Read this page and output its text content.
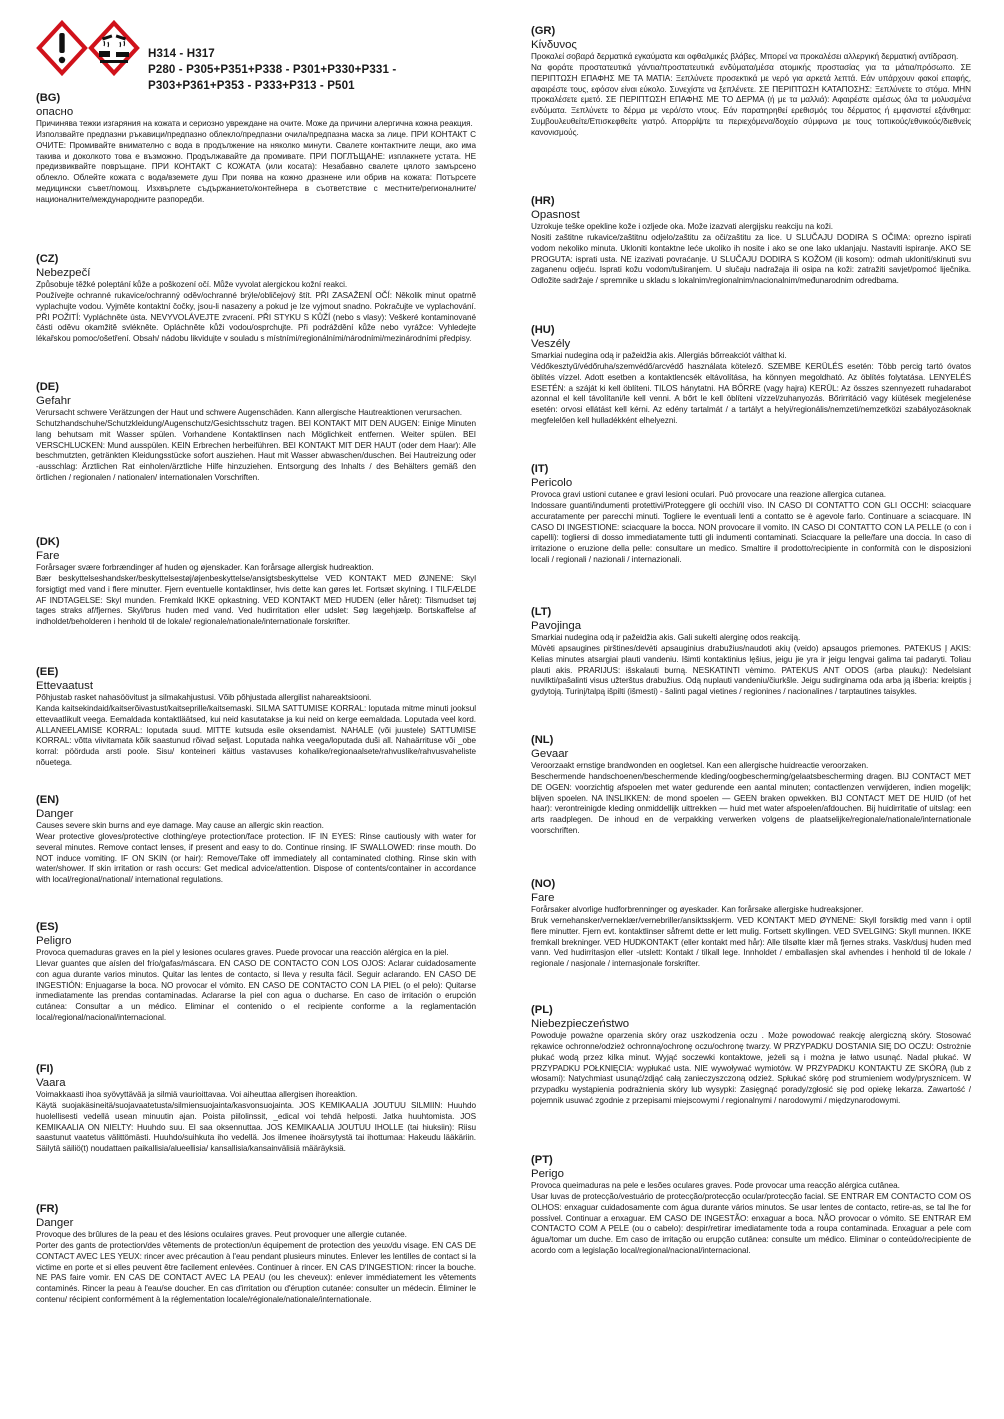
H314 - H317
P280 - P305+P351+P338 - P301+P330+P331 -
P303+P361+P353 - P333+P313 - P501
(BG)
опасно
Причинява тежки изгаряния на кожата и сериозно увреждане на очите. Може да причини алергична кожна реакция.
Използвайте предпазни ръкавици/предпазно облекло/предпазни очила/предпазна маска за лице. ПРИ КОНТАКТ С ОЧИТЕ: Промивайте внимателно с вода в продължение на няколко минути. Свалете контактните лещи, ако има такива и доколкото това е възможно. Продължавайте да промивате. ПРИ ПОГЛЪЩАНЕ: изплакнете устата. НЕ предизвиквайте повръщане. ПРИ КОНТАКТ С КОЖАТА (или косата): Незабавно свалете цялото замърсено облекло. Облейте кожата с вода/вземете душ При поява на кожно дразнене или обрив на кожата: Потърсете медицински съвет/помощ. Изхвърлете съдържанието/контейнера в съответствие с местните/регионалните/ националните/международните разпоредби.
(CZ)
Nebezpečí
Způsobuje těžké poleptání kůže a poškození očí. Může vyvolat alergickou kožní reakci.
Používejte ochranné rukavice/ochranný oděv/ochranné brýle/obličejový štít. PŘI ZASAŽENÍ OČÍ: Několik minut opatrně vyplachujte vodou. Vyjměte kontaktní čočky, jsou-li nasazeny a pokud je lze vyjmout snadno. Pokračujte ve vyplachování. PŘI POŽITÍ: Vypláchněte ústa. NEVYVOLÁVEJTE zvracení. PŘI STYKU S KŮŽÍ (nebo s vlasy): Veškeré kontaminované části oděvu okamžitě svlékněte. Opláchněte kůži vodou/osprchujte. Při podráždění kůže nebo vyrážce: Vyhledejte lékařskou pomoc/ošetření. Obsah/ nádobu likvidujte v souladu s místními/regionálními/národními/mezinárodními předpisy.
(DE)
Gefahr
Verursacht schwere Verätzungen der Haut und schwere Augenschäden. Kann allergische Hautreaktionen verursachen.
Schutzhandschuhe/Schutzkleidung/Augenschutz/Gesichtsschutz tragen. BEI KONTAKT MIT DEN AUGEN: Einige Minuten lang behutsam mit Wasser spülen. Vorhandene Kontaktlinsen nach Möglichkeit entfernen. Weiter spülen. BEI VERSCHLUCKEN: Mund ausspülen. KEIN Erbrechen herbeiführen. BEI KONTAKT MIT DER HAUT (oder dem Haar): Alle beschmutzten, getränkten Kleidungsstücke sofort ausziehen. Haut mit Wasser abwaschen/duschen. Bei Hautreizung oder -ausschlag: Ärztlichen Rat einholen/ärztliche Hilfe hinzuziehen. Entsorgung des Inhalts / des Behälters gemäß den örtlichen / regionalen / nationalen/ internationalen Vorschriften.
(DK)
Fare
Forårsager svære forbrændinger af huden og øjenskader. Kan forårsage allergisk hudreaktion.
Bær beskyttelseshandsker/beskyttelsestøj/øjenbeskyttelse/ansigtsbeskyttelse VED KONTAKT MED ØJNENE: Skyl forsigtigt med vand i flere minutter. Fjern eventuelle kontaktlinser, hvis dette kan gøres let. Fortsæt skylning. I TILFÆLDE AF INDTAGELSE: Skyl munden. Fremkald IKKE opkastning. VED KONTAKT MED HUDEN (eller håret): Tilsmudset tøj tages straks af/fjernes. Skyl/brus huden med vand. Ved hudirritation eller udslet: Søg lægehjælp. Bortskaffelse af indholdet/beholderen i henhold til de lokale/ regionale/nationale/internationale forskrifter.
(EE)
Ettevaatust
Põhjustab rasket nahasöövitust ja silmakahjustusi. Võib põhjustada allergilist nahareaktsiooni.
Kanda kaitsekindaid/kaitserõivastust/kaitseprille/kaitsemaski. SILMA SATTUMISE KORRAL: loputada mitme minuti jooksul ettevaatlikult veega. Eemaldada kontaktläätsed, kui neid kasutatakse ja kui neid on kerge eemaldada. Loputada veel kord. ALLANEELAMISE KORRAL: loputada suud. MITTE kutsuda esile oksendamist. NAHALE (või juustele) SATTUMISE KORRAL: võtta viivitamata kõik saastunud rõivad seljast. Loputada nahka veega/loputada duši all. Nahaärrituse või _obe korral: pöörduda arsti poole. Sisu/ konteineri käitlus vastavuses kohalike/regionaalsete/rahvuslike/rahvusvaheliste nõuetega.
(EN)
Danger
Causes severe skin burns and eye damage. May cause an allergic skin reaction.
Wear protective gloves/protective clothing/eye protection/face protection. IF IN EYES: Rinse cautiously with water for several minutes. Remove contact lenses, if present and easy to do. Continue rinsing. IF SWALLOWED: rinse mouth. Do NOT induce vomiting. IF ON SKIN (or hair): Remove/Take off immediately all contaminated clothing. Rinse skin with water/shower. If skin irritation or rash occurs: Get medical advice/attention. Dispose of contents/container in accordance with local/regional/national/ international regulations.
(ES)
Peligro
Provoca quemaduras graves en la piel y lesiones oculares graves. Puede provocar una reacción alérgica en la piel.
Llevar guantes que aíslen del frío/gafas/máscara. EN CASO DE CONTACTO CON LOS OJOS: Aclarar cuidadosamente con agua durante varios minutos. Quitar las lentes de contacto, si lleva y resulta fácil. Seguir aclarando. EN CASO DE INGESTIÓN: Enjuagarse la boca. NO provocar el vómito. EN CASO DE CONTACTO CON LA PIEL (o el pelo): Quitarse inmediatamente las prendas contaminadas. Aclararse la piel con agua o ducharse. En caso de irritación o erupción cutánea: Consultar a un médico. Eliminar el contenido o el recipiente conforme a la reglamentación local/regional/nacional/internacional.
(FI)
Vaara
Voimakkaasti ihoa syövyttävää ja silmiä vaurioittavaa. Voi aiheuttaa allergisen ihoreaktion.
Käytä suojakäsineitä/suojavaatetusta/silmiensuojainta/kasvonsuojainta. JOS KEMIKAALIA JOUTUU SILMIIN: Huuhdo huolellisesti vedellä usean minuutin ajan. Poista piilolinssit, _edical voi tehdä helposti. Jatka huuhtomista. JOS KEMIKAALIA ON NIELTY: Huuhdo suu. El saa oksennuttaa. JOS KEMIKAALIA JOUTUU IHOLLE (tai hiuksiin): Riisu saastunut vaatetus välittömästi. Huuhdo/suihkuta iho vedellä. Jos ilmenee ihoärsytystä tai ihottumaa: Hakeudu lääkäriin. Säilytä säiliö(t) noudattaen paikallisia/alueellisia/ kansallisia/kansainvälisiä määräyksiä.
(FR)
Danger
Provoque des brûlures de la peau et des lésions oculaires graves. Peut provoquer une allergie cutanée.
Porter des gants de protection/des vêtements de protection/un équipement de protection des yeux/du visage. EN CAS DE CONTACT AVEC LES YEUX: rincer avec précaution à l'eau pendant plusieurs minutes. Enlever les lentilles de contact si la victime en porte et si elles peuvent être facilement enlevées. Continuer à rincer. EN CAS D'INGESTION: rincer la bouche. NE PAS faire vomir. EN CAS DE CONTACT AVEC LA PEAU (ou les cheveux): enlever immédiatement les vêtements contaminés. Rincer la peau à l'eau/se doucher. En cas d'irritation ou d'éruption cutanée: consulter un médecin. Éliminer le contenu/ récipient conformément à la réglementation locale/régionale/nationale/internationale.
(GR)
Κίνδυνος
Προκαλεί σοβαρά δερματικά εγκαύματα και οφθαλμικές βλάβες. Μπορεί να προκαλέσει αλλεργική δερματική αντίδραση.
Να φοράτε προστατευτικά γάντια/προστατευτικά ενδύματα/μέσα ατομικής προστασίας για τα μάτια/πρόσωπο. ΣΕ ΠΕΡΙΠΤΩΣΗ ΕΠΑΦΗΣ ΜΕ ΤΑ ΜΑΤΙΑ: Ξεπλύνετε προσεκτικά με νερό για αρκετά λεπτά. Εάν υπάρχουν φακοί επαφής, αφαιρέστε τους, εφόσον είναι εύκολο. Συνεχίστε να ξεπλένετε. ΣΕ ΠΕΡΙΠΤΩΣΗ ΚΑΤΑΠΟΣΗΣ: Ξεπλύνετε το στόμα. ΜΗΝ προκαλέσετε εμετό. ΣΕ ΠΕΡΙΠΤΩΣΗ ΕΠΑΦΗΣ ΜΕ ΤΟ ΔΕΡΜΑ (ή με τα μαλλιά): Αφαιρέστε αμέσως όλα τα μολυσμένα ενδύματα. Ξεπλύνετε το δέρμα με νερό/στο ντους. Εάν παρατηρηθεί ερεθισμός του δέρματος ή εμφανιστεί εξάνθημα: Συμβουλευθείτε/Επισκεφθείτε γιατρό. Απορρίψτε τα περιεχόμενα/δοχείο σύμφωνα με τους τοπικούς/εθνικούς/διεθνείς κανονισμούς.
(HR)
Opasnost
Uzrokuje teške opekline kože i ozljede oka. Može izazvati alergijsku reakciju na koži.
Nositi zaštitne rukavice/zaštitnu odjelo/zaštitu za oči/zaštitu za lice. U SLUČAJU DODIRA S OČIMA: oprezno ispirati vodom nekoliko minuta. Ukloniti kontaktne leće ukoliko ih nosite i ako se one lako uklanjaju. Nastaviti ispiranje. AKO SE PROGUTA: isprati usta. NE izazivati povraćanje. U SLUČAJU DODIRA S KOŽOM (ili kosom): odmah ukloniti/skinuti svu zaganenu odjeću. Isprati kožu vodom/tuširanjem. U slučaju nadražaja ili osipa na koži: zatražiti savjet/pomoć liječnika. Odložite sadržaje / spremnike u skladu s lokalnim/regionalnim/nacionalnim/međunarodnim odredbama.
(HU)
Veszély
Smarkiai nudegina odą ir pažeidžia akis. Allergiás bőrreakciót válthat ki.
Védőkesztyű/védőruha/szemvédő/arcvédő használata kötelező. SZEMBE KERÜLÉS esetén: Több percig tartó óvatos öblítés vízzel. Adott esetben a kontaktlencsék eltávolítása, ha könnyen megoldható. Az öblítés folytatása. LENYELÉS ESETÉN: a száját ki kell öblíteni. TILOS hánytatni. HA BŐRRE (vagy hajra) KERÜL: Az összes szennyezett ruhadarabot azonnal el kell távolítani/le kell venni. A bőrt le kell öblíteni vízzel/zuhanyozás. Bőrirritáció vagy kiütések megjelenése esetén: orvosi ellátást kell kérni. Az edény tartalmát / a tartályt a helyi/regionális/nemzeti/nemzetközi szabályozásoknak megfelelően kell hulladékként elhelyezni.
(IT)
Pericolo
Provoca gravi ustioni cutanee e gravi lesioni oculari. Può provocare una reazione allergica cutanea.
Indossare guanti/indumenti protettivi/Proteggere gli occhi/il viso. IN CASO DI CONTATTO CON GLI OCCHI: sciacquare accuratamente per parecchi minuti. Togliere le eventuali lenti a contatto se è agevole farlo. Continuare a sciacquare. IN CASO DI INGESTIONE: sciacquare la bocca. NON provocare il vomito. IN CASO DI CONTATTO CON LA PELLE (o con i capelli): togliersi di dosso immediatamente tutti gli indumenti contaminati. Sciacquare la pelle/fare una doccia. In caso di irritazione o eruzione della pelle: consultare un medico. Smaltire il prodotto/recipiente in conformità con le disposizioni locali / regionali / nazionali / internazionali.
(LT)
Pavojinga
Smarkiai nudegina odą ir pažeidžia akis. Gali sukelti alerginę odos reakciją.
Mūvėti apsaugines pirštines/devėti apsauginius drabužius/naudoti akių (veido) apsaugos priemones. PATEKUS Į AKIS: Kelias minutes atsargiai plauti vandeniu. Išimti kontaktinius lęšius, jeigu jie yra ir jeigu lengvai galima tai padaryti. Toliau plauti akis. PRARIJUS: išskalauti burną. NESKATINTI vėmimo. PATEKUS ANT ODOS (arba plaukų): Nedelsiant nuvilkti/pašalinti visus užterštus drabužius. Odą nuplauti vandeniu/čiurkšle. Jeigu sudirginama oda arba ją išberia: kreiptis į gydytoją. Turinį/talpą išpilti (išmesti) - šalinti pagal vietines / regionines / nacionalines / tarptautines taisykles.
(NL)
Gevaar
Veroorzaakt ernstige brandwonden en oogletsel. Kan een allergische huidreactie veroorzaken.
Beschermende handschoenen/beschermende kleding/oogbescherming/gelaatsbescherming dragen. BIJ CONTACT MET DE OGEN: voorzichtig afspoelen met water gedurende een aantal minuten; contactlenzen verwijderen, indien mogelijk; blijven spoelen. NA INSLIKKEN: de mond spoelen — GEEN braken opwekken. BIJ CONTACT MET DE HUID (of het haar): verontreinigde kleding onmiddellijk uittrekken — huid met water afspoelen/afdouchen. Bij huidirritatie of uitslag: een arts raadplegen. De inhoud en de verpakking verwerken volgens de plaatselijke/regionale/nationale/internationale voorschriften.
(NO)
Fare
Forårsaker alvorlige hudforbrenninger og øyeskader. Kan forårsake allergiske hudreaksjoner.
Bruk vernehansker/verneklær/vernebriller/ansiktsskjerm. VED KONTAKT MED ØYNENE: Skyll forsiktig med vann i optil flere minutter. Fjern evt. kontaktlinser såfremt dette er lett mulig. Fortsett skyllingen. VED SVELGING: Skyll munnen. IKKE fremkall brekninger. VED HUDKONTAKT (eller kontakt med hår): Alle tilsølte klær må fjernes straks. Vask/dusj huden med vann. Ved hudirritasjon eller -utslett: Kontakt / tilkall lege. Innholdet / emballasjen skal avhendes i henhold til de lokale / regionale / nasjonale / internasjonale forskrifter.
(PL)
Niebezpieczeństwo
Powoduje poważne oparzenia skóry oraz uszkodzenia oczu . Może powodować reakcję alergiczną skóry. Stosować rękawice ochronne/odzież ochronną/ochronę oczu/ochronę twarzy. W PRZYPADKU DOSTANIA SIĘ DO OCZU: Ostrożnie płukać wodą przez kilka minut. Wyjąć soczewki kontaktowe, jeżeli są i można je łatwo usunąć. Nadal płukać. W PRZYPADKU POŁKNIĘCIA: wypłukać usta. NIE wywoływać wymiotów. W PRZYPADKU KONTAKTU ZE SKÓRĄ (lub z włosami): Natychmiast usunąć/zdjąć całą zanieczyszczoną odzież. Spłukać skórę pod strumieniem wody/prysznicem. W przypadku wystąpienia podrażnienia skóry lub wysypki: Zasięgnąć porady/zgłosić się pod opiekę lekarza. Zawartość / pojemnik usuwać zgodnie z przepisami miejscowymi / regionalnymi / narodowymi / międzynarodowymi.
(PT)
Perigo
Provoca queimaduras na pele e lesões oculares graves. Pode provocar uma reacção alérgica cutânea.
Usar luvas de protecção/vestuário de protecção/protecção ocular/protecção facial. SE ENTRAR EM CONTACTO COM OS OLHOS: enxaguar cuidadosamente com água durante vários minutos. Se usar lentes de contacto, retire-as, se tal lhe for possível. Continuar a enxaguar. EM CASO DE INGESTÃO: enxaguar a boca. NÃO provocar o vómito. SE ENTRAR EM CONTACTO COM A PELE (ou o cabelo): despir/retirar imediatamente toda a roupa contaminada. Enxaguar a pele com água/tomar um duche. Em caso de irritação ou erupção cutânea: consulte um médico. Eliminar o conteúdo/recipiente de acordo com a legislação local/regional/nacional/internacional.
